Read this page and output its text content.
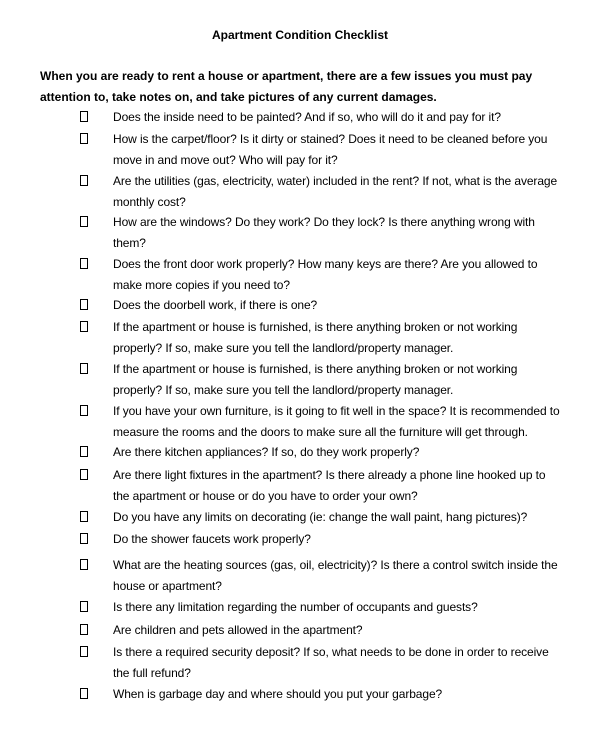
Apartment Condition Checklist
When you are ready to rent a house or apartment, there are a few issues you must pay attention to, take notes on, and take pictures of any current damages.
Does the inside need to be painted? And if so, who will do it and pay for it?
How is the carpet/floor? Is it dirty or stained? Does it need to be cleaned before you move in and move out? Who will pay for it?
Are the utilities (gas, electricity, water) included in the rent? If not, what is the average monthly cost?
How are the windows? Do they work? Do they lock? Is there anything wrong with them?
Does the front door work properly? How many keys are there? Are you allowed to make more copies if you need to?
Does the doorbell work, if there is one?
If the apartment or house is furnished, is there anything broken or not working properly? If so, make sure you tell the landlord/property manager.
If the apartment or house is furnished, is there anything broken or not working properly? If so, make sure you tell the landlord/property manager.
If you have your own furniture, is it going to fit well in the space? It is recommended to measure the rooms and the doors to make sure all the furniture will get through.
Are there kitchen appliances? If so, do they work properly?
Are there light fixtures in the apartment? Is there already a phone line hooked up to the apartment or house or do you have to order your own?
Do you have any limits on decorating (ie: change the wall paint, hang pictures)?
Do the shower faucets work properly?
What are the heating sources (gas, oil, electricity)? Is there a control switch inside the house or apartment?
Is there any limitation regarding the number of occupants and guests?
Are children and pets allowed in the apartment?
Is there a required security deposit? If so, what needs to be done in order to receive the full refund?
When is garbage day and where should you put your garbage?
